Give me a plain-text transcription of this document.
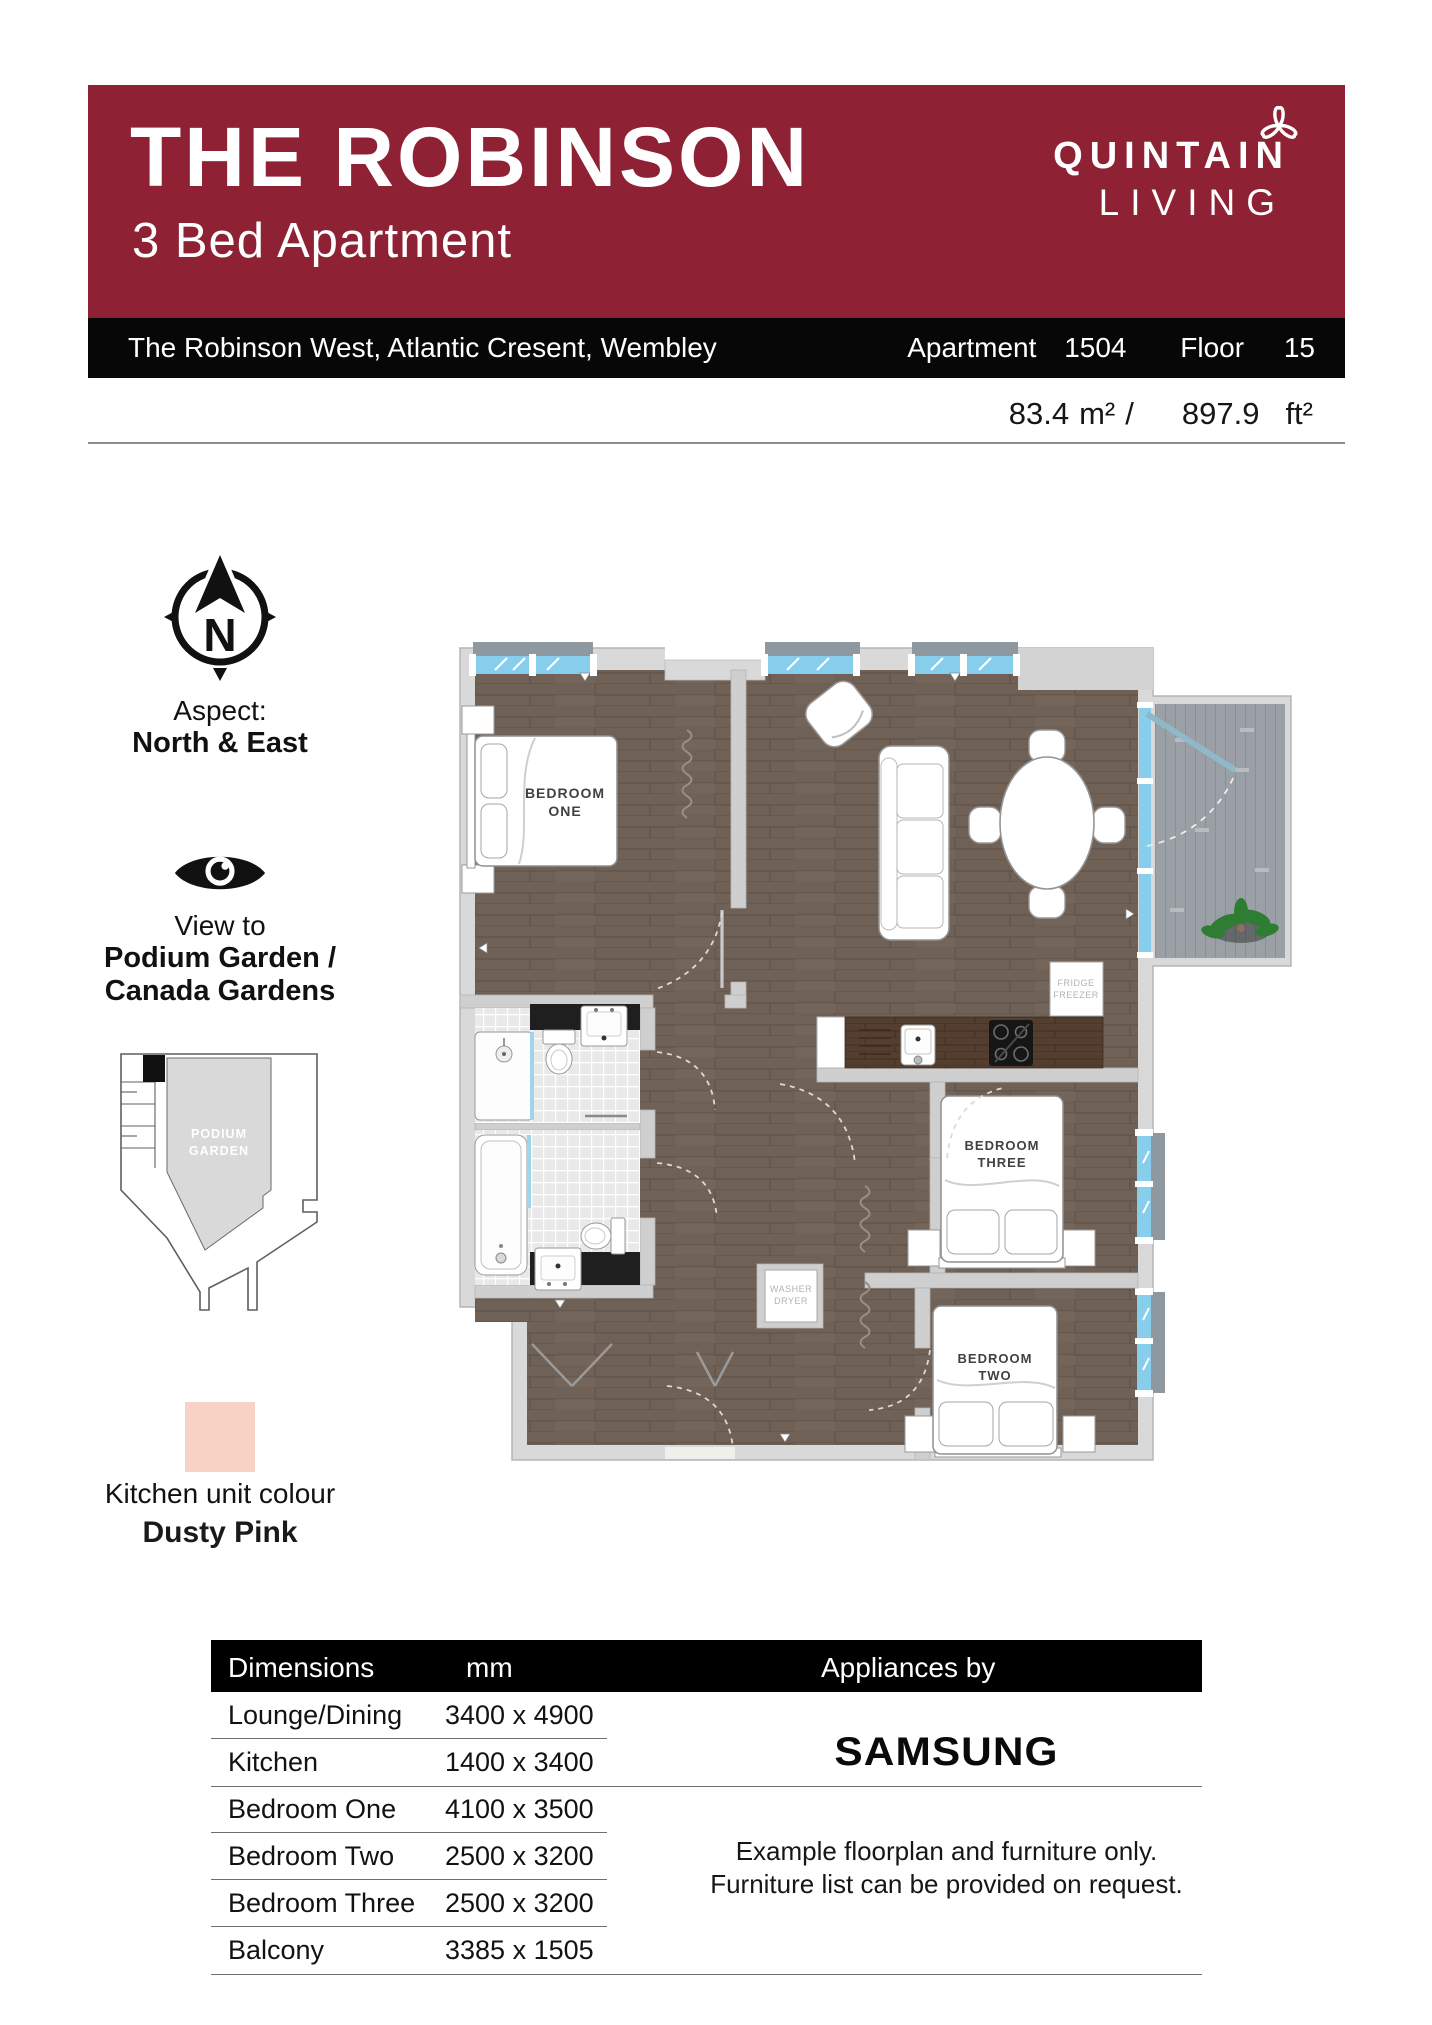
THE ROBINSON
3 Bed Apartment
QUINTAIN
LIVING
The Robinson West, Atlantic Cresent, Wembley	Apartment 1504 Floor 15
83.4 m² / 897.9 ft²
N
Aspect:
North & East
View to
Podium Garden /
Canada Gardens
PODIUM
GARDEN
Kitchen unit colour
Dusty Pink
FRIDGE
FREEZER
WASHER
DRYER
BEDROOM
ONE
BEDROOM
THREE
BEDROOM
TWO
Dimensions	mm	Appliances by
Lounge/Dining	3400 x 4900
Kitchen	1400 x 3400
Bedroom One	4100 x 3500
Bedroom Two	2500 x 3200
Bedroom Three	2500 x 3200
Balcony	3385 x 1505
SAMSUNG
Example floorplan and furniture only.
Furniture list can be provided on request.
